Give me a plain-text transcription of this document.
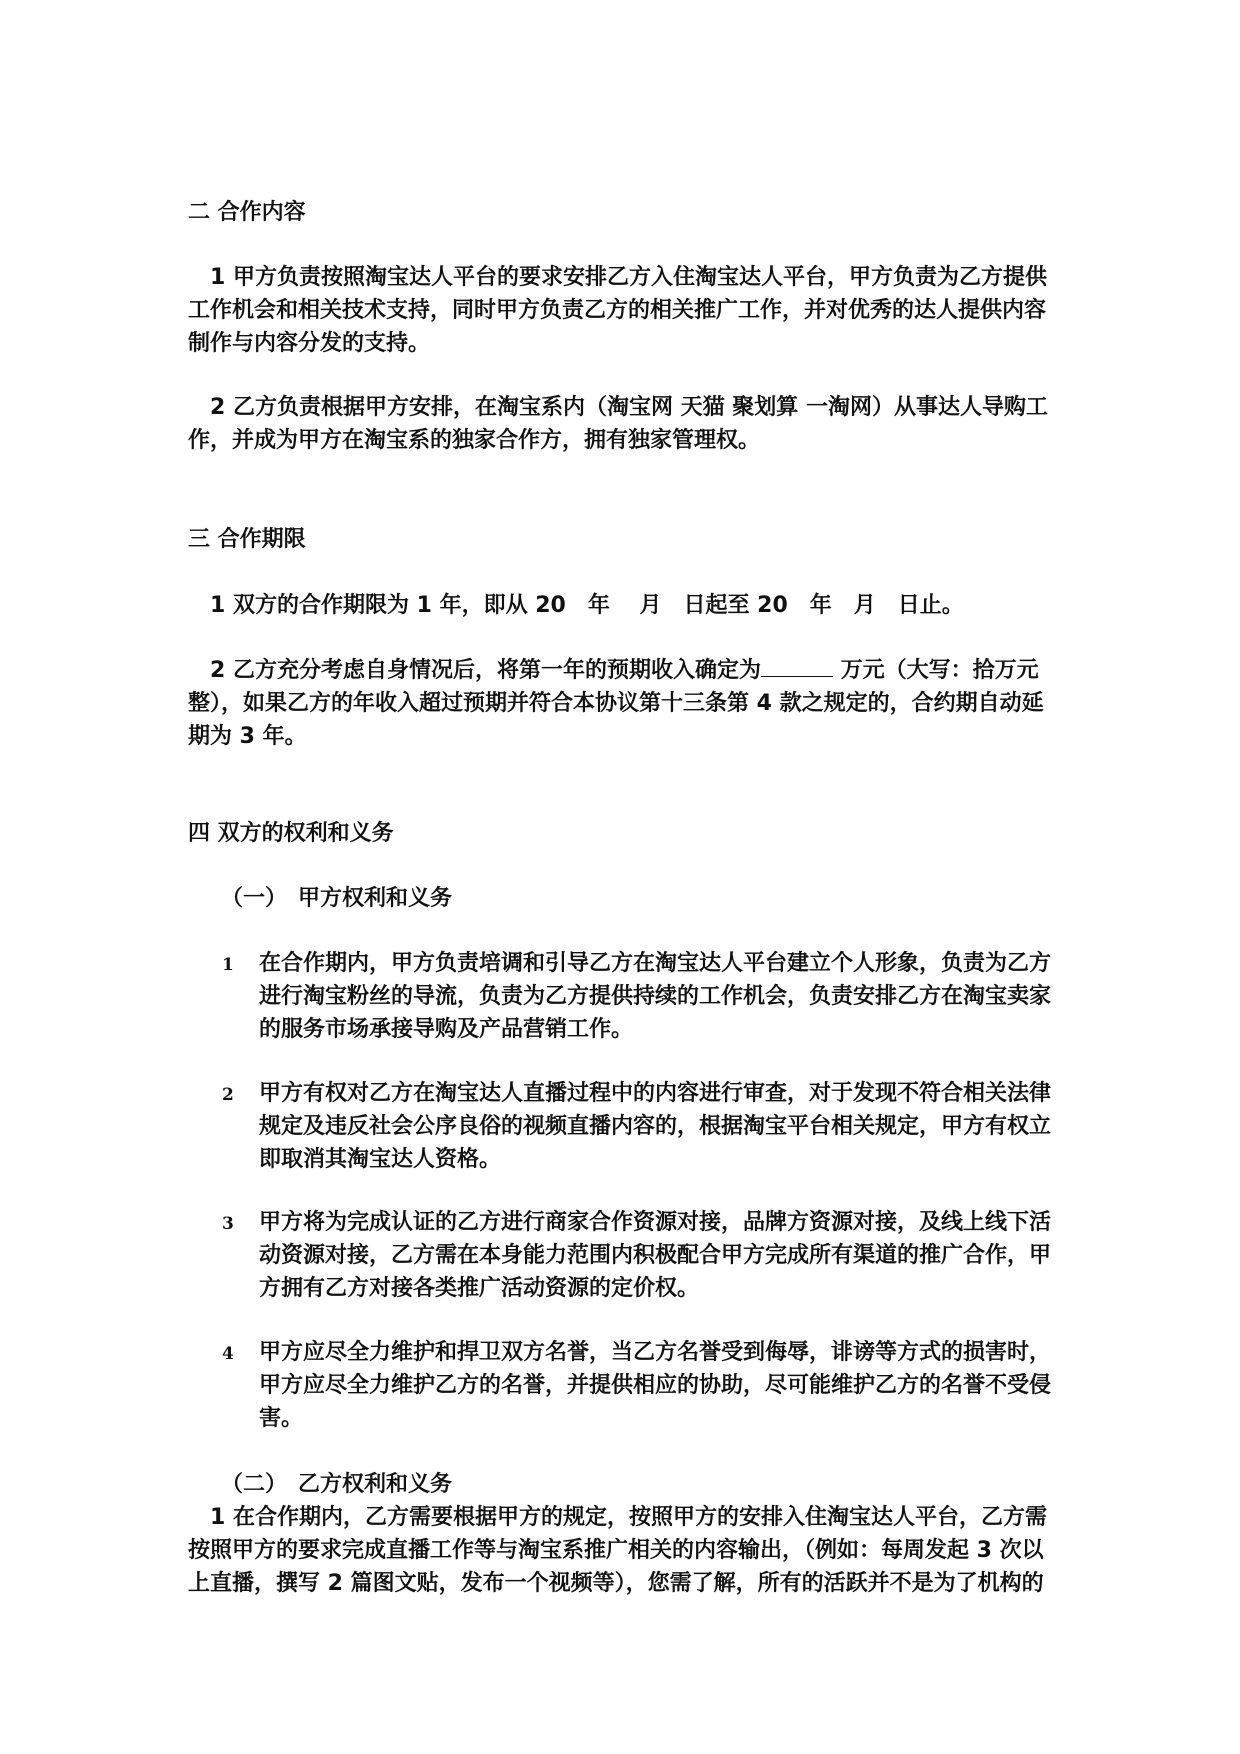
二 合作内容
　1 甲方负责按照淘宝达人平台的要求安排乙方入住淘宝达人平台，甲方负责为乙方提供工作机会和相关技术支持，同时甲方负责乙方的相关推广工作，并对优秀的达人提供内容制作与内容分发的支持。
　2 乙方负责根据甲方安排，在淘宝系内（淘宝网 天猫 聚划算 一淘网）从事达人导购工作，并成为甲方在淘宝系的独家合作方，拥有独家管理权。
三 合作期限
　1 双方的合作期限为 1 年，即从 20　年　 月　日起至 20　年　月　日止。
　2 乙方充分考虑自身情况后，将第一年的预期收入确定为	万元（大写：拾万元整），如果乙方的年收入超过预期并符合本协议第十三条第 4 款之规定的，合约期自动延期为 3 年。
四 双方的权利和义务
（一）　甲方权利和义务
1 在合作期内，甲方负责培调和引导乙方在淘宝达人平台建立个人形象，负责为乙方进行淘宝粉丝的导流，负责为乙方提供持续的工作机会，负责安排乙方在淘宝卖家的服务市场承接导购及产品营销工作。
2 甲方有权对乙方在淘宝达人直播过程中的内容进行审查，对于发现不符合相关法律规定及违反社会公序良俗的视频直播内容的，根据淘宝平台相关规定，甲方有权立即取消其淘宝达人资格。
3 甲方将为完成认证的乙方进行商家合作资源对接，品牌方资源对接，及线上线下活动资源对接，乙方需在本身能力范围内积极配合甲方完成所有渠道的推广合作，甲方拥有乙方对接各类推广活动资源的定价权。
4 甲方应尽全力维护和捍卫双方名誉，当乙方名誉受到侮辱，诽谤等方式的损害时，甲方应尽全力维护乙方的名誉，并提供相应的协助，尽可能维护乙方的名誉不受侵害。
（二）　乙方权利和义务
　1 在合作期内，乙方需要根据甲方的规定，按照甲方的安排入住淘宝达人平台，乙方需按照甲方的要求完成直播工作等与淘宝系推广相关的内容输出，（例如：每周发起 3 次以上直播，撰写 2 篇图文贴，发布一个视频等），您需了解，所有的活跃并不是为了机构的
